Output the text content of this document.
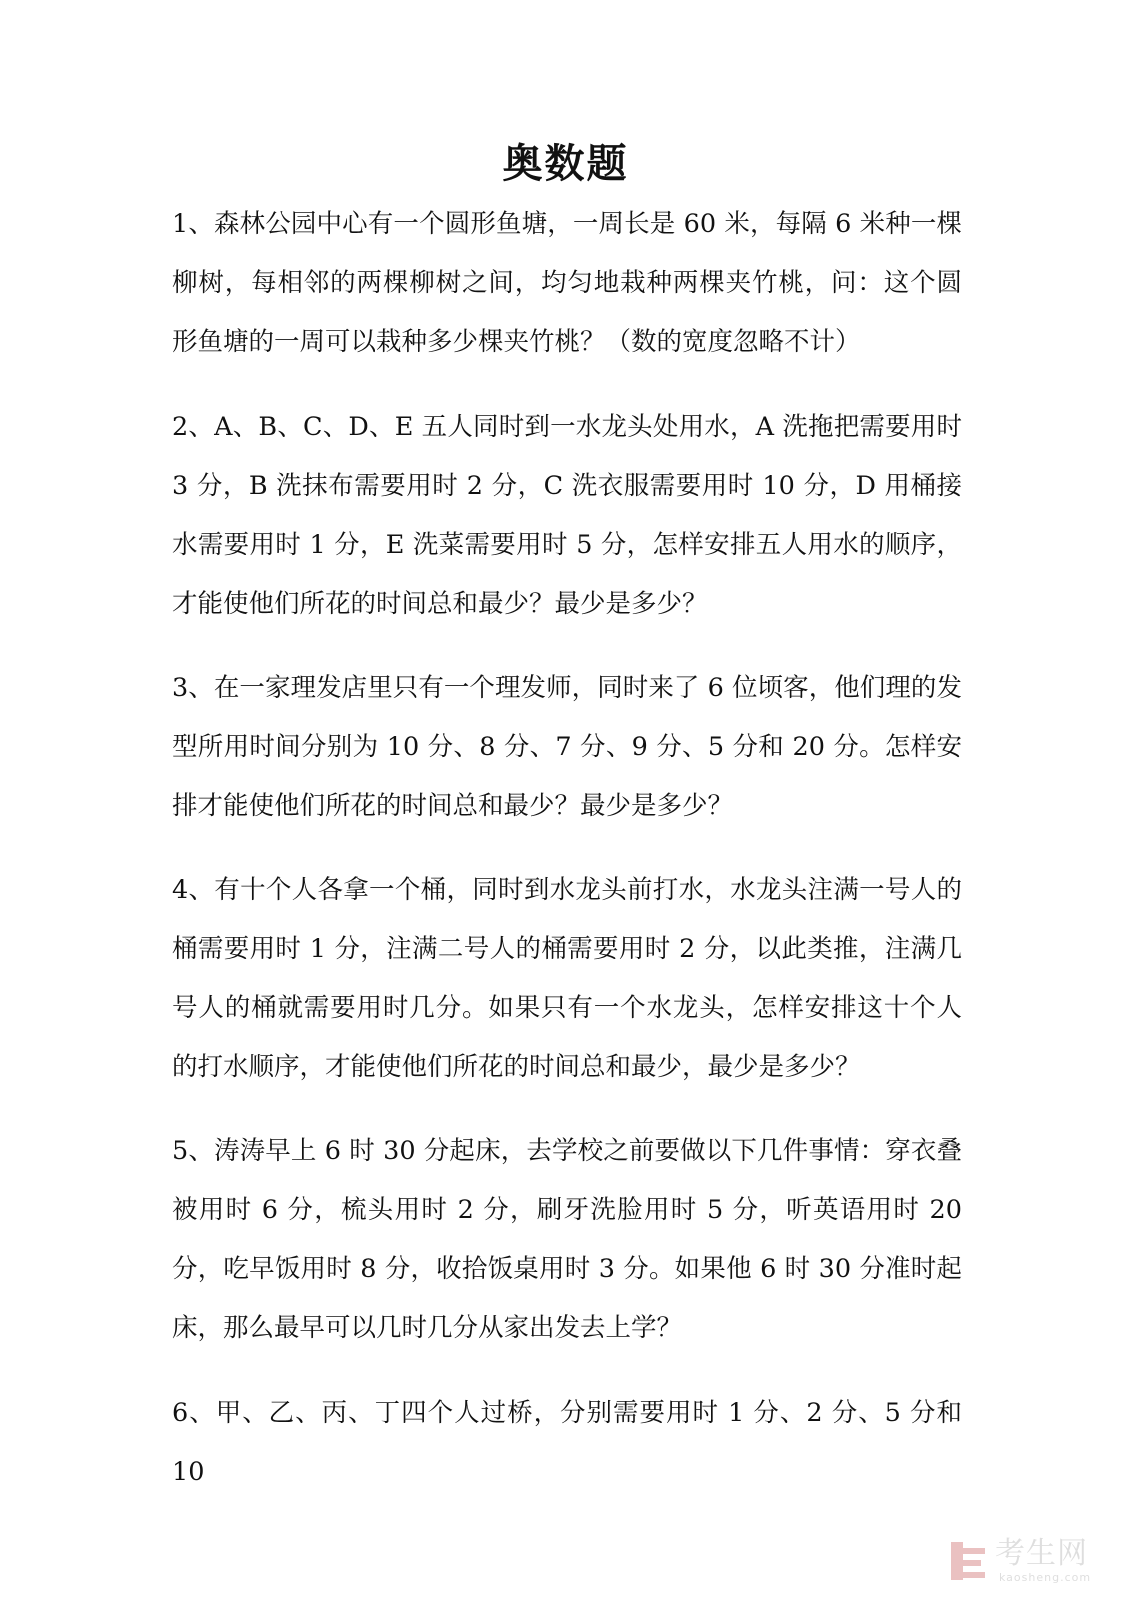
奥数题

1、森林公园中心有一个圆形鱼塘，一周长是 60 米，每隔 6 米种一棵柳树，每相邻的两棵柳树之间，均匀地栽种两棵夹竹桃，问：这个圆形鱼塘的一周可以栽种多少棵夹竹桃？（数的宽度忽略不计）

2、A、B、C、D、E 五人同时到一水龙头处用水，A 洗拖把需要用时 3 分，B 洗抹布需要用时 2 分，C 洗衣服需要用时 10 分，D 用桶接水需要用时 1 分，E 洗菜需要用时 5 分，怎样安排五人用水的顺序，才能使他们所花的时间总和最少？最少是多少？

3、在一家理发店里只有一个理发师，同时来了 6 位顷客，他们理的发型所用时间分别为 10 分、8 分、7 分、9 分、5 分和 20 分。怎样安排才能使他们所花的时间总和最少？最少是多少？

4、有十个人各拿一个桶，同时到水龙头前打水，水龙头注满一号人的桶需要用时 1 分，注满二号人的桶需要用时 2 分，以此类推，注满几号人的桶就需要用时几分。如果只有一个水龙头，怎样安排这十个人的打水顺序，才能使他们所花的时间总和最少，最少是多少？

5、涛涛早上 6 时 30 分起床，去学校之前要做以下几件事情：穿衣叠被用时 6 分，梳头用时 2 分，刷牙洗脸用时 5 分，听英语用时 20 分，吃早饭用时 8 分，收拾饭桌用时 3 分。如果他 6 时 30 分准时起床，那么最早可以几时几分从家出发去上学？

6、甲、乙、丙、丁四个人过桥，分别需要用时 1 分、2 分、5 分和 10

考生网
kaosheng.com
